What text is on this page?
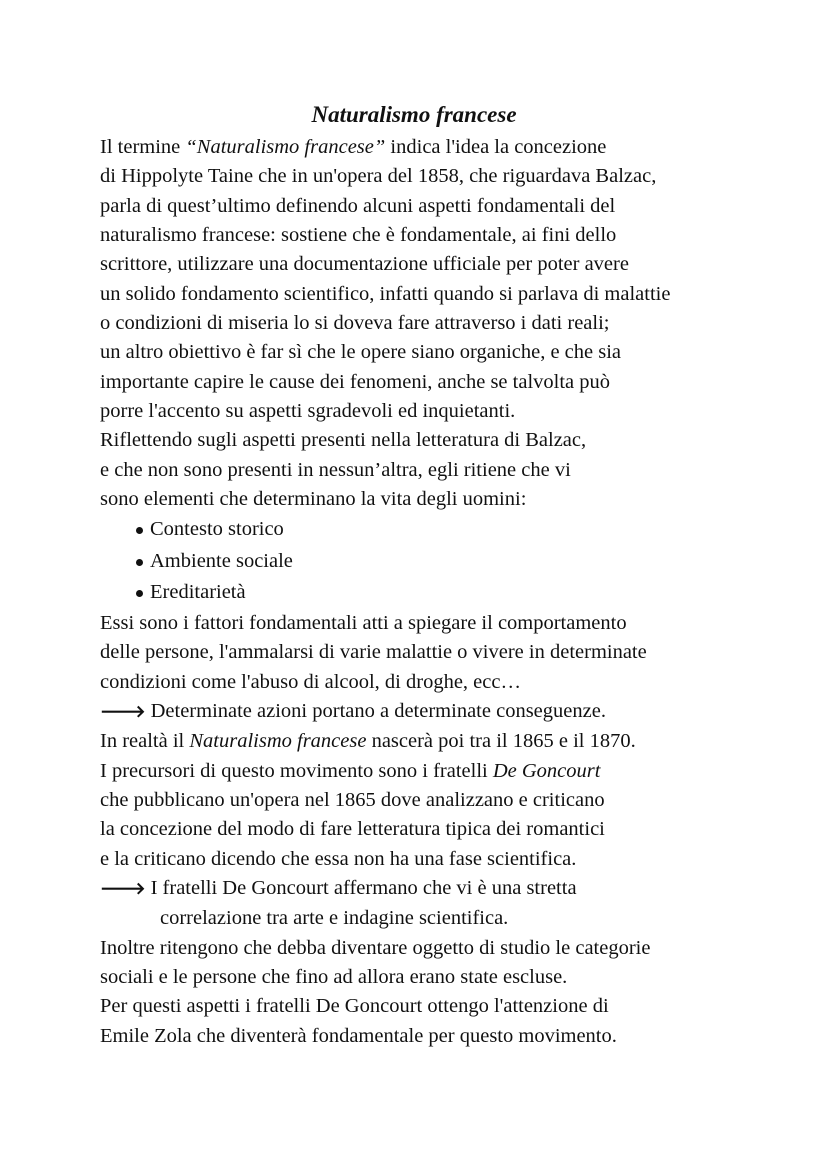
Naturalismo francese
Il termine “Naturalismo francese” indica l'idea la concezione
di Hippolyte Taine che in un'opera del 1858, che riguardava Balzac,
parla di quest’ultimo definendo alcuni aspetti fondamentali del
naturalismo francese: sostiene che è fondamentale, ai fini dello
scrittore, utilizzare una documentazione ufficiale per poter avere
un solido fondamento scientifico, infatti quando si parlava di malattie
o condizioni di miseria lo si doveva fare attraverso i dati reali;
un altro obiettivo è far sì che le opere siano organiche, e che sia
importante capire le cause dei fenomeni, anche se talvolta può
porre l'accento su aspetti sgradevoli ed inquietanti.
Riflettendo sugli aspetti presenti nella letteratura di Balzac,
e che non sono presenti in nessun’altra, egli ritiene che vi
sono elementi che determinano la vita degli uomini:
Contesto storico
Ambiente sociale
Ereditarietà
Essi sono i fattori fondamentali atti a spiegare il comportamento
delle persone, l'ammalarsi di varie malattie o vivere in determinate
condizioni come l'abuso di alcool, di droghe, ecc…
🡒 Determinate azioni portano a determinate conseguenze.
In realtà il Naturalismo francese nascerà poi tra il 1865 e il 1870.
I precursori di questo movimento sono i fratelli De Goncourt
che pubblicano un'opera nel 1865 dove analizzano e criticano
la concezione del modo di fare letteratura tipica dei romantici
e la criticano dicendo che essa non ha una fase scientifica.
🡒 I fratelli De Goncourt affermano che vi è una stretta
correlazione tra arte e indagine scientifica.
Inoltre ritengono che debba diventare oggetto di studio le categorie
sociali e le persone che fino ad allora erano state escluse.
Per questi aspetti i fratelli De Goncourt ottengo l'attenzione di
Emile Zola che diventerà fondamentale per questo movimento.
